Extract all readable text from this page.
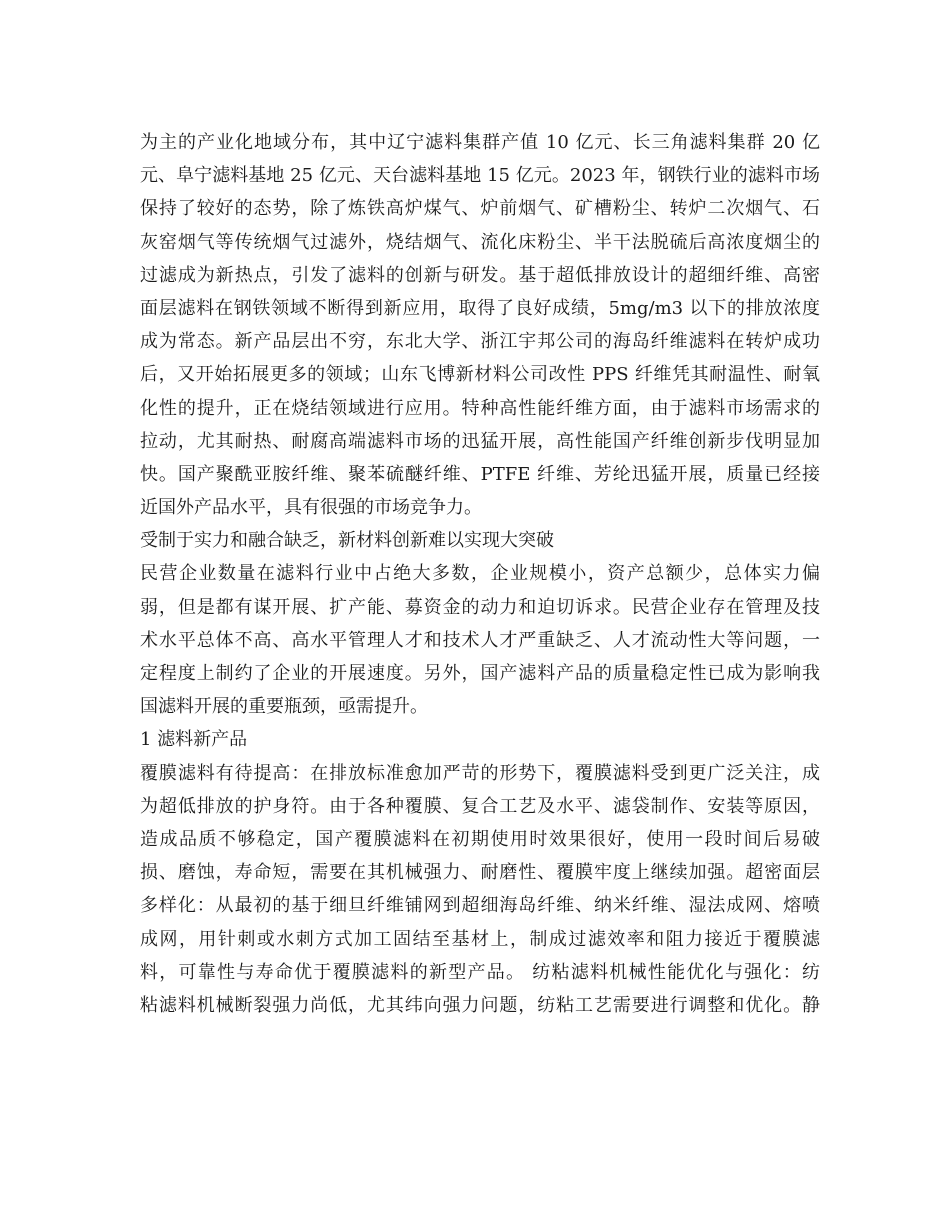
为主的产业化地域分布，其中辽宁滤料集群产值 10 亿元、长三角滤料集群 20 亿
元、阜宁滤料基地 25 亿元、天台滤料基地 15 亿元。2023 年，钢铁行业的滤料市场
保持了较好的态势，除了炼铁高炉煤气、炉前烟气、矿槽粉尘、转炉二次烟气、石
灰窑烟气等传统烟气过滤外，烧结烟气、流化床粉尘、半干法脱硫后高浓度烟尘的
过滤成为新热点，引发了滤料的创新与研发。基于超低排放设计的超细纤维、高密
面层滤料在钢铁领域不断得到新应用，取得了良好成绩，5mg/m3 以下的排放浓度
成为常态。新产品层出不穷，东北大学、浙江宇邦公司的海岛纤维滤料在转炉成功
后，又开始拓展更多的领域；山东飞博新材料公司改性 PPS 纤维凭其耐温性、耐氧
化性的提升，正在烧结领域进行应用。特种高性能纤维方面，由于滤料市场需求的
拉动，尤其耐热、耐腐高端滤料市场的迅猛开展，高性能国产纤维创新步伐明显加
快。国产聚酰亚胺纤维、聚苯硫醚纤维、PTFE 纤维、芳纶迅猛开展，质量已经接
近国外产品水平，具有很强的市场竞争力。
受制于实力和融合缺乏，新材料创新难以实现大突破
民营企业数量在滤料行业中占绝大多数，企业规模小，资产总额少，总体实力偏
弱，但是都有谋开展、扩产能、募资金的动力和迫切诉求。民营企业存在管理及技
术水平总体不高、高水平管理人才和技术人才严重缺乏、人才流动性大等问题，一
定程度上制约了企业的开展速度。另外，国产滤料产品的质量稳定性已成为影响我
国滤料开展的重要瓶颈，亟需提升。
1 滤料新产品
覆膜滤料有待提高：在排放标准愈加严苛的形势下，覆膜滤料受到更广泛关注，成
为超低排放的护身符。由于各种覆膜、复合工艺及水平、滤袋制作、安装等原因，
造成品质不够稳定，国产覆膜滤料在初期使用时效果很好，使用一段时间后易破
损、磨蚀，寿命短，需要在其机械强力、耐磨性、覆膜牢度上继续加强。超密面层
多样化：从最初的基于细旦纤维铺网到超细海岛纤维、纳米纤维、湿法成网、熔喷
成网，用针刺或水刺方式加工固结至基材上，制成过滤效率和阻力接近于覆膜滤
料，可靠性与寿命优于覆膜滤料的新型产品。 纺粘滤料机械性能优化与强化：纺
粘滤料机械断裂强力尚低，尤其纬向强力问题，纺粘工艺需要进行调整和优化。静
